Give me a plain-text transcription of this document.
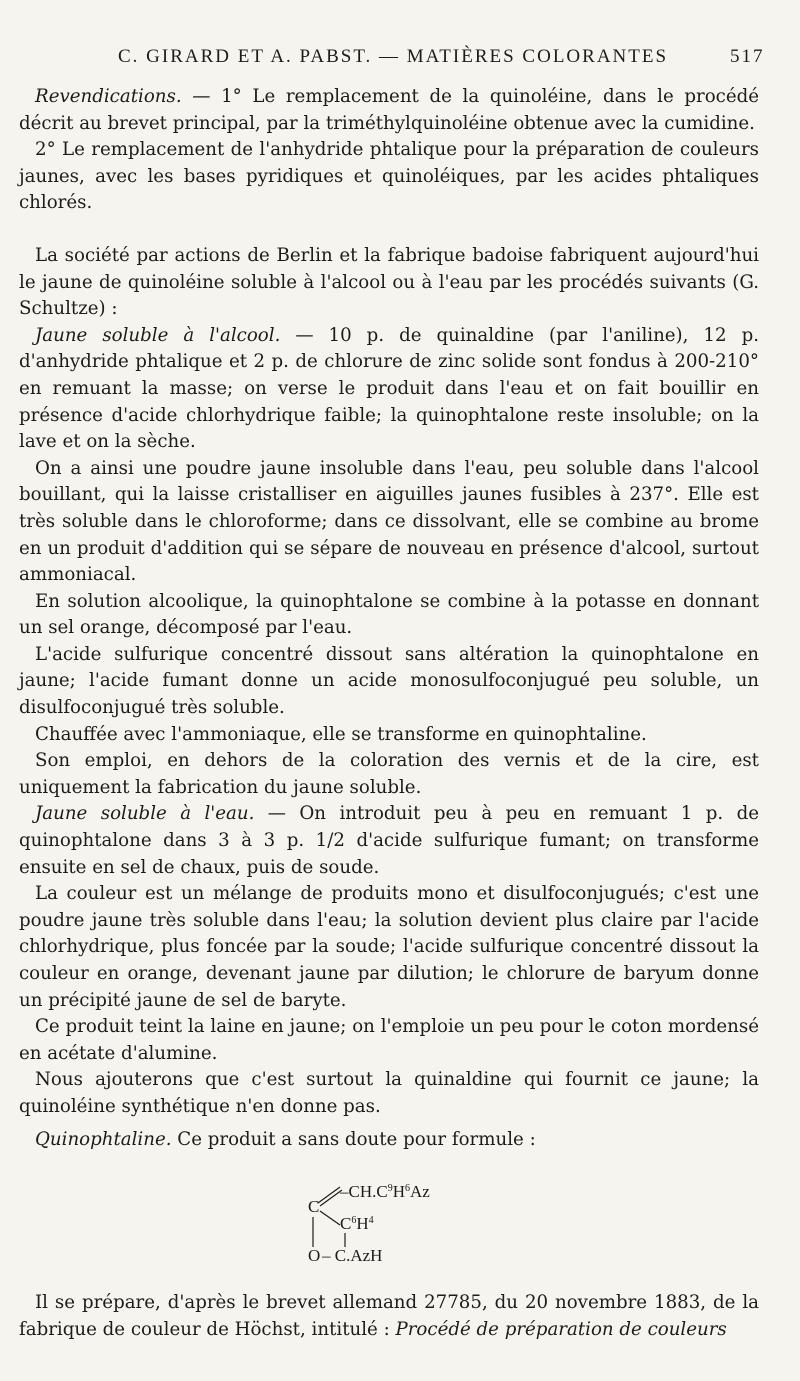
C. GIRARD ET A. PABST. — MATIÈRES COLORANTES	517

Revendications. — 1° Le remplacement de la quinoléine, dans le procédé décrit au brevet principal, par la triméthylquinoléine obtenue avec la cumidine.

2° Le remplacement de l'anhydride phtalique pour la préparation de couleurs jaunes, avec les bases pyridiques et quinoléiques, par les acides phtaliques chlorés.

La société par actions de Berlin et la fabrique badoise fabriquent aujourd'hui le jaune de quinoléine soluble à l'alcool ou à l'eau par les procédés suivants (G. Schultze) :

Jaune soluble à l'alcool. — 10 p. de quinaldine (par l'aniline), 12 p. d'anhydride phtalique et 2 p. de chlorure de zinc solide sont fondus à 200-210° en remuant la masse; on verse le produit dans l'eau et on fait bouillir en présence d'acide chlorhydrique faible; la quinophtalone reste insoluble; on la lave et on la sèche.

On a ainsi une poudre jaune insoluble dans l'eau, peu soluble dans l'alcool bouillant, qui la laisse cristalliser en aiguilles jaunes fusibles à 237°. Elle est très soluble dans le chloroforme; dans ce dissolvant, elle se combine au brome en un produit d'addition qui se sépare de nouveau en présence d'alcool, surtout ammoniacal.

En solution alcoolique, la quinophtalone se combine à la potasse en donnant un sel orange, décomposé par l'eau.

L'acide sulfurique concentré dissout sans altération la quinophtalone en jaune; l'acide fumant donne un acide monosulfoconjugué peu soluble, un disulfoconjugué très soluble.

Chauffée avec l'ammoniaque, elle se transforme en quinophtaline.

Son emploi, en dehors de la coloration des vernis et de la cire, est uniquement la fabrication du jaune soluble.

Jaune soluble à l'eau. — On introduit peu à peu en remuant 1 p. de quinophtalone dans 3 à 3 p. 1/2 d'acide sulfurique fumant; on transforme ensuite en sel de chaux, puis de soude.

La couleur est un mélange de produits mono et disulfoconjugués; c'est une poudre jaune très soluble dans l'eau; la solution devient plus claire par l'acide chlorhydrique, plus foncée par la soude; l'acide sulfurique concentré dissout la couleur en orange, devenant jaune par dilution; le chlorure de baryum donne un précipité jaune de sel de baryte.

Ce produit teint la laine en jaune; on l'emploie un peu pour le coton mordensé en acétate d'alumine.

Nous ajouterons que c'est surtout la quinaldine qui fournit ce jaune; la quinoléine synthétique n'en donne pas.

Quinophtaline. Ce produit a sans doute pour formule :

$-CH.C^9H^6Az$
C
$C^6H^4$
O – C.AzH

Il se prépare, d'après le brevet allemand 27785, du 20 novembre 1883, de la fabrique de couleur de Höchst, intitulé : Procédé de préparation de couleurs
